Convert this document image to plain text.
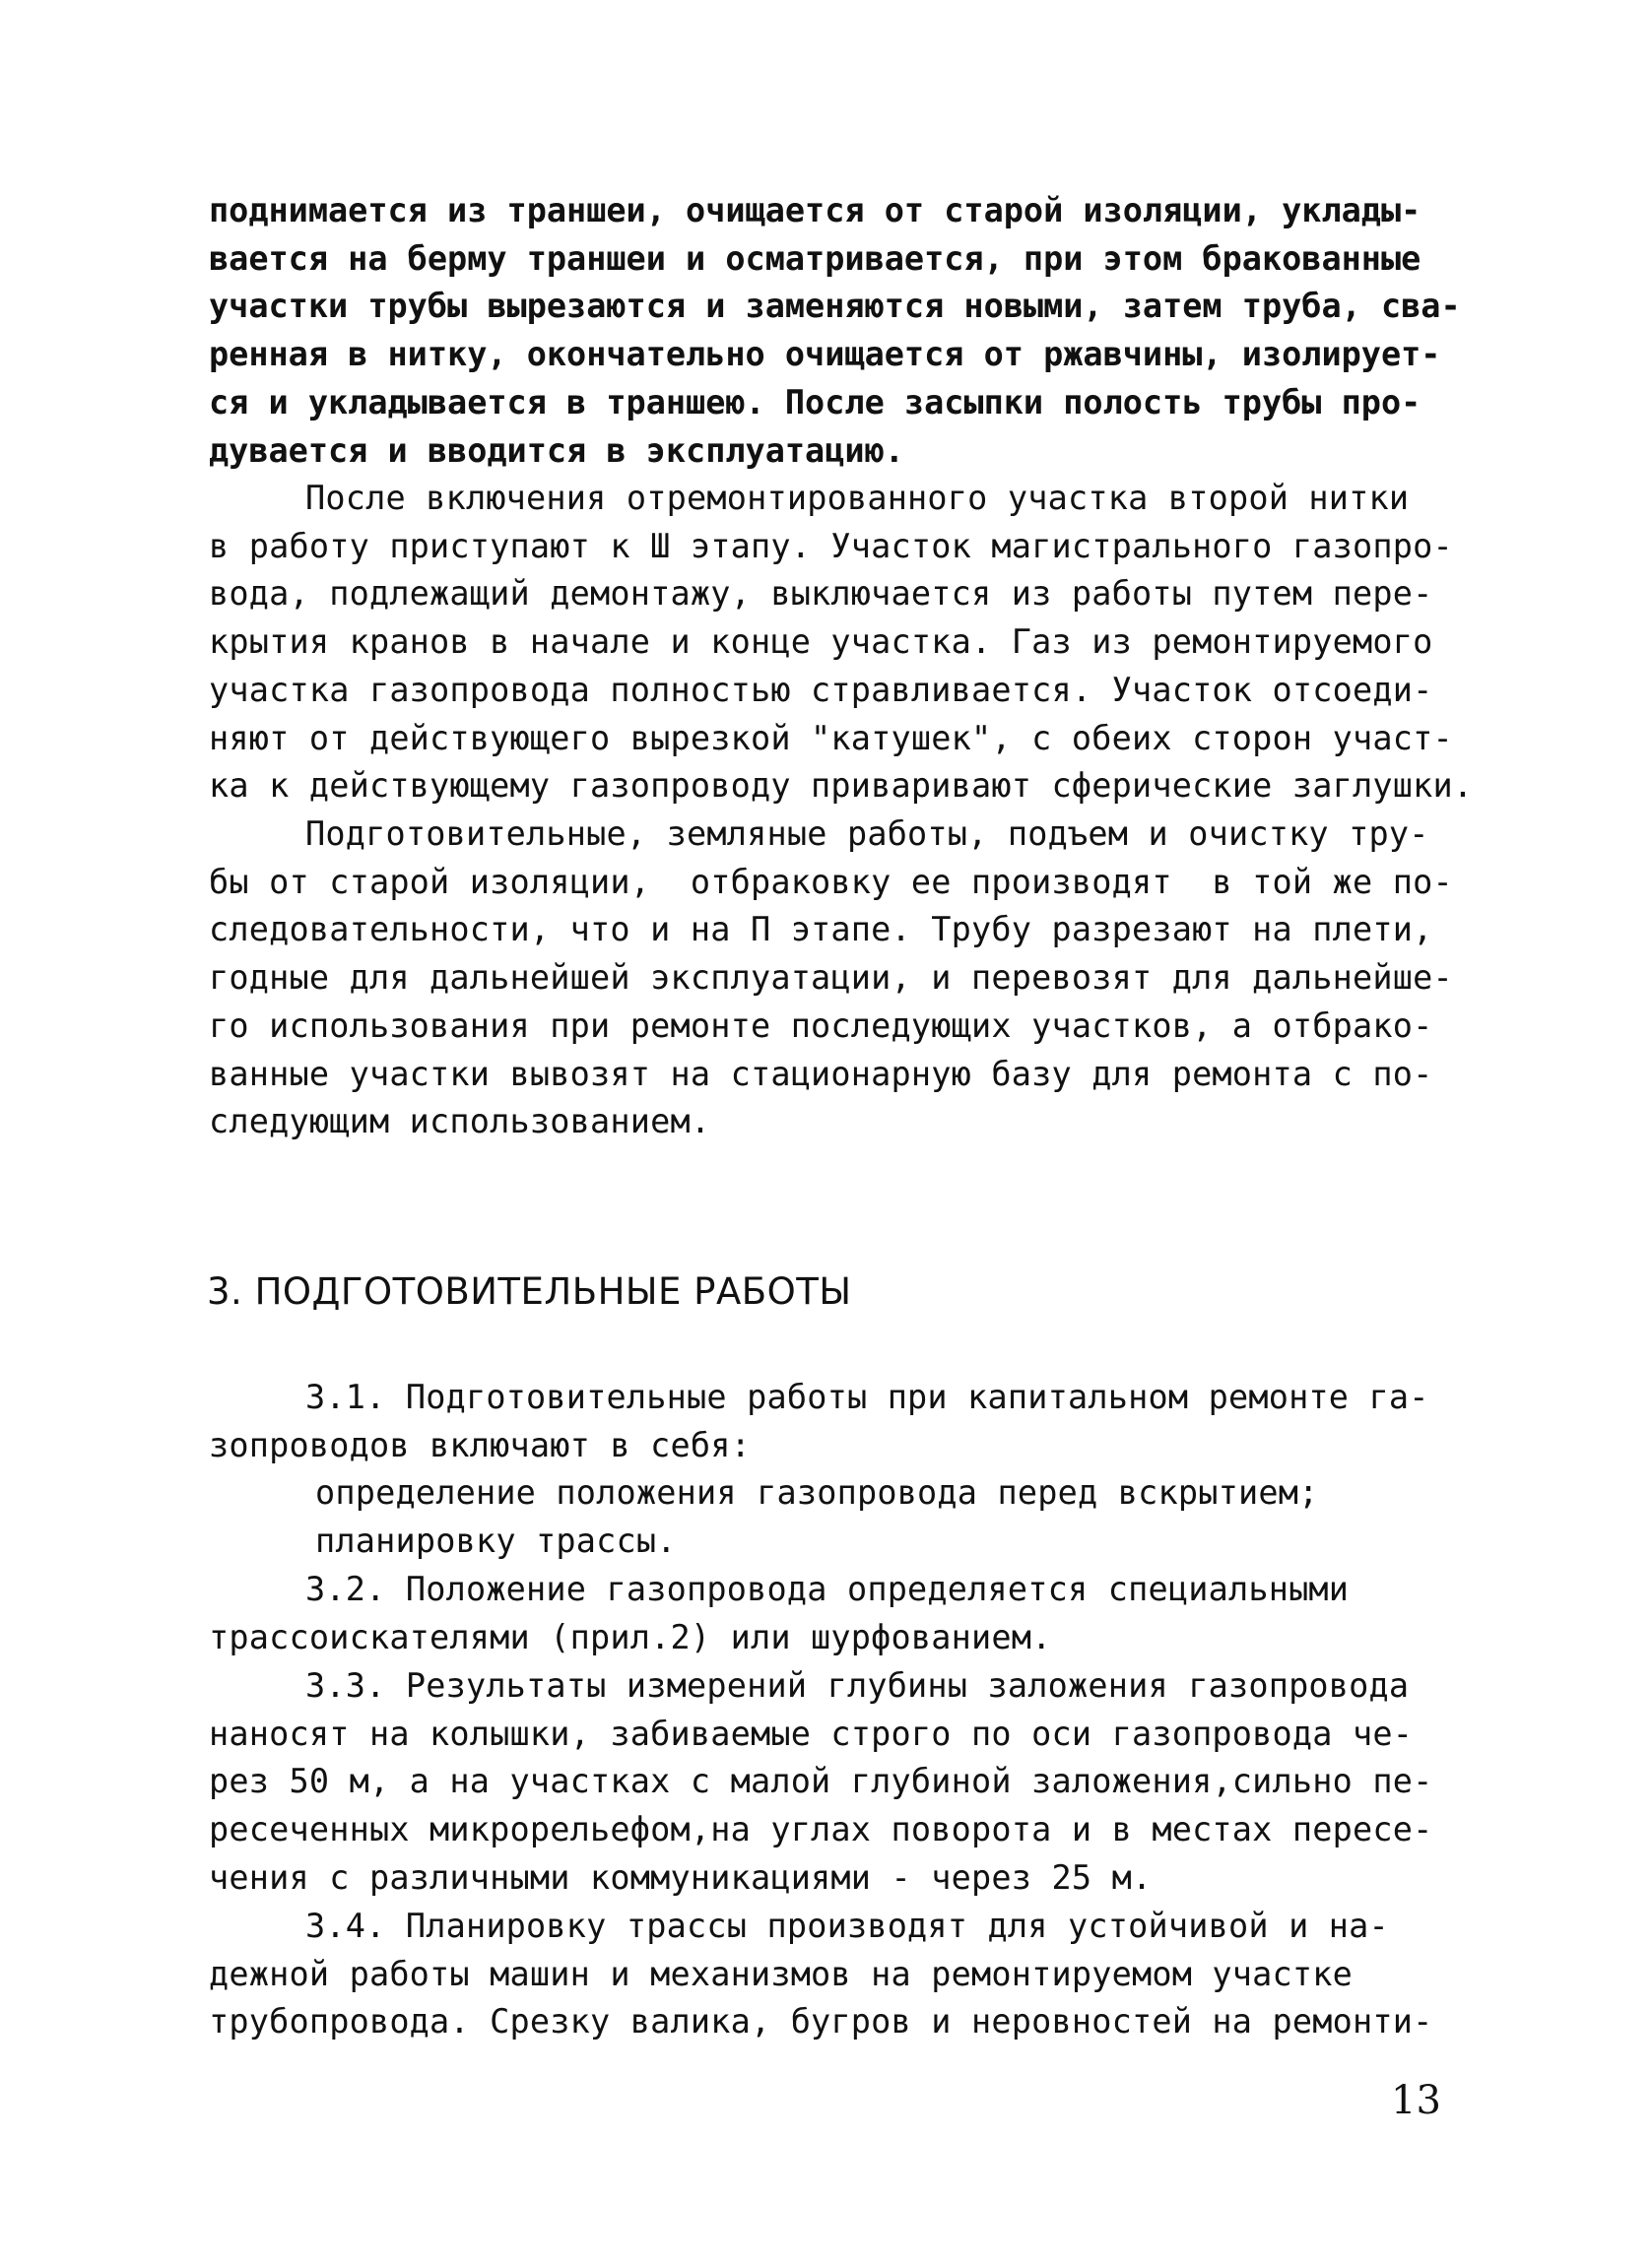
поднимается из траншеи, очищается от старой изоляции, уклады-
вается на берму траншеи и осматривается, при этом бракованные
участки трубы вырезаются и заменяются новыми, затем труба, сва-
ренная в нитку, окончательно очищается от ржавчины, изолирует-
ся и укладывается в траншею. После засыпки полость трубы про-
дувается и вводится в эксплуатацию.
После включения отремонтированного участка второй нитки
в работу приступают к Ш этапу. Участок магистрального газопро-
вода, подлежащий демонтажу, выключается из работы путем пере-
крытия кранов в начале и конце участка. Газ из ремонтируемого
участка газопровода полностью стравливается. Участок отсоеди-
няют от действующего вырезкой "катушек", с обеих сторон участ-
ка к действующему газопроводу приваривают сферические заглушки.
Подготовительные, земляные работы, подъем и очистку тру-
бы от старой изоляции,  отбраковку ее производят  в той же по-
следовательности, что и на П этапе. Трубу разрезают на плети,
годные для дальнейшей эксплуатации, и перевозят для дальнейше-
го использования при ремонте последующих участков, а отбрако-
ванные участки вывозят на стационарную базу для ремонта с по-
следующим использованием.
3. ПОДГОТОВИТЕЛЬНЫЕ РАБОТЫ
3.1. Подготовительные работы при капитальном ремонте га-
зопроводов включают в себя:
определение положения газопровода перед вскрытием;
планировку трассы.
3.2. Положение газопровода определяется специальными
трассоискателями (прил.2) или шурфованием.
3.3. Результаты измерений глубины заложения газопровода
наносят на колышки, забиваемые строго по оси газопровода че-
рез 50 м, а на участках с малой глубиной заложения,сильно пе-
ресеченных микрорельефом,на углах поворота и в местах пересе-
чения с различными коммуникациями - через 25 м.
3.4. Планировку трассы производят для устойчивой и на-
дежной работы машин и механизмов на ремонтируемом участке
трубопровода. Срезку валика, бугров и неровностей на ремонти-
13
